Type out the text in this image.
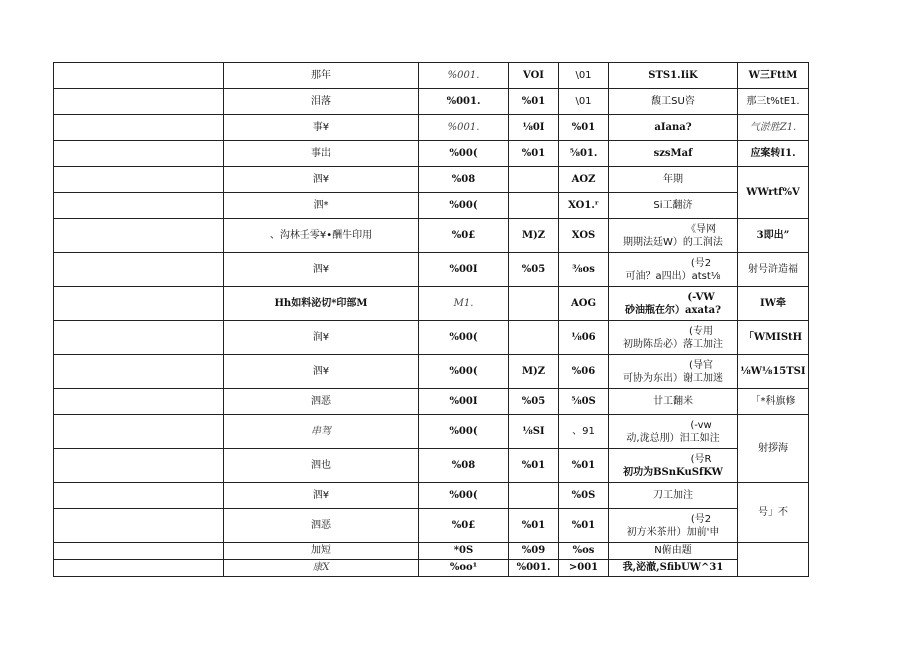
	那年	%001.	VOI	\01	STS1.IiK	W三FttM
	泪落	%001.	%01	\01	馥工SU咨	那三t%tE1.
	事¥	%001.	⅛0I	%01	aIana?	气淤胜Z1.
	事岀	%00(	%01	⅝01.	szsMaf	应案转I1.
	泗¥	%08		AOZ	年期	WWrtf%V
	泗*	%00(		XO1.ʳ	Si工翻济	
	、沟林壬零¥•酬牛印用	%0£	M)Z	XOS	《导网
期期法廷W）的工润法	3即出”
	泗¥	%00I	%05	⅜os	(号2
可油？a四出）atst⅛	射号浒造福
	Hh如料泌切*印部M	M1.		AOG	(-VW
砂油瓶在尔）axata?	IW牵
	润¥	%00(		⅛06	(专用
初助陈岳必）落工加注	「WMIStH
	泗¥	%00(	M)Z	%06	(导官
可协为东出）谢工加迷	⅛W⅛15TSI
	泗恶	%00I	%05	⅝0S	廿工翻米	「*科旗修
	串驾	%00(	⅛SI	、91	(-vw
动,泷总刖）汨工如注	射拶海
	泗也	%08	%01	%01	(号R
初功为BSnKuSfKW	

	泗¥	%00(		%0S	刀工加注	号」不
	泗恶	%0£	%01	%01	(号2
初方米茶卅）加前'申	

	加短	*0S	%09	%os	N俯由题	
	康X	%oo¹	%001.	>001	我,泌澈,SfibUW^31	
